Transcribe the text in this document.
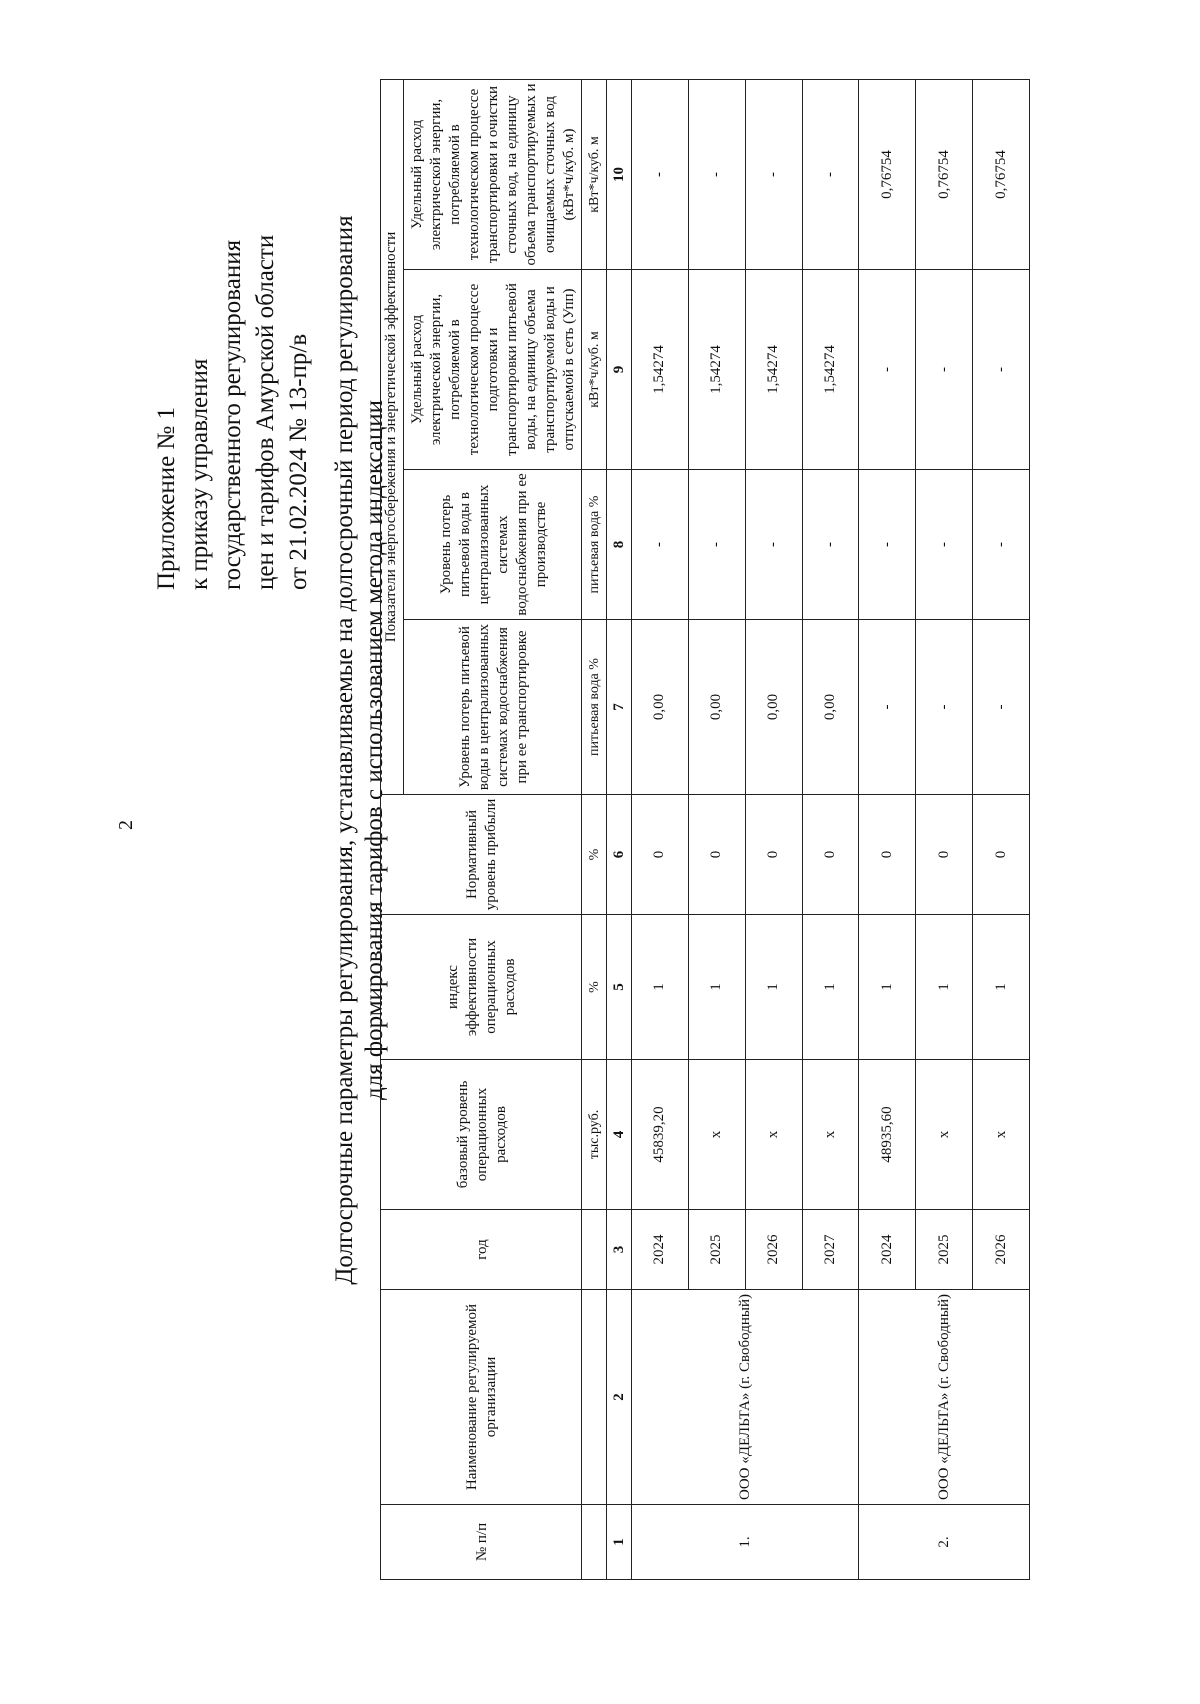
2
Приложение № 1 к приказу управления государственного регулирования цен и тарифов Амурской области от 21.02.2024 № 13-пр/в Долгосрочные параметры регулирования, устанавливаемые на долгосрочный период регулирования для формирования тарифов с использованием метода индексации
№ п/п	Наименование регулируемой организации	год	базовый уровень операционных расходов	индекс эффективности операционных расходов	Нормативный уровень прибыли	Показатели энергосбережения и энергетической эффективности			
						Уровень потерь питьевой воды в централизованных системах водоснабжения при ее транспортировке	Уровень потерь питьевой воды в централизованных системах водоснабжения при ее производстве	Удельный расход электрической энергии, потребляемой в технологическом процессе подготовки и транспортировки питьевой воды, на единицу объема транспортируемой воды и отпускаемой в сеть (Упп)	Удельный расход электрической энергии, потребляемой в технологическом процессе транспортировки и очистки сточных вод, на единицу объема транспортируемых и очищаемых сточных вод (кВт*ч/куб. м)
			тыс.руб.	%	%	питьевая вода %	питьевая вода %	кВт*ч/куб. м	кВт*ч/куб. м
1	2	3	4	5	6	7	8	9	10
1.	ООО «ДЕЛЬТА» (г. Свободный)	2024	45839,20	1	0	0,00	-	1,54274	-
		2025	x	1	0	0,00	-	1,54274	-
		2026	x	1	0	0,00	-	1,54274	-
		2027	x	1	0	0,00	-	1,54274	-
2.	ООО «ДЕЛЬТА» (г. Свободный)	2024	48935,60	1	0	-	-	-	0,76754
		2025	x	1	0	-	-	-	0,76754
		2026	x	1	0	-	-	-	0,76754
